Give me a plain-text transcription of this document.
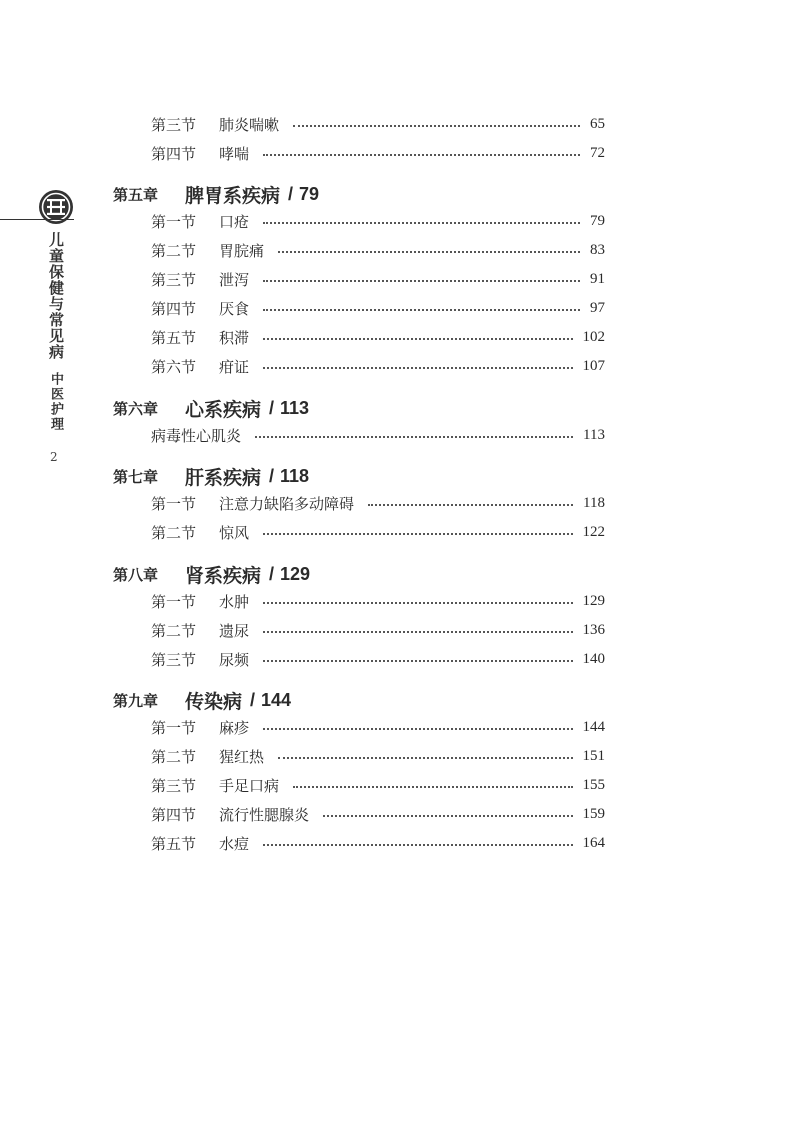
儿童保健与常见病
中医护理
2
第三节	肺炎喘嗽	65
第四节	哮喘	72
第五章	脾胃系疾病 / 79
第一节	口疮	79
第二节	胃脘痛	83
第三节	泄泻	91
第四节	厌食	97
第五节	积滞	102
第六节	疳证	107
第六章	心系疾病 / 113
病毒性心肌炎	113
第七章	肝系疾病 / 118
第一节	注意力缺陷多动障碍	118
第二节	惊风	122
第八章	肾系疾病 / 129
第一节	水肿	129
第二节	遗尿	136
第三节	尿频	140
第九章	传染病 / 144
第一节	麻疹	144
第二节	猩红热	151
第三节	手足口病	155
第四节	流行性腮腺炎	159
第五节	水痘	164
